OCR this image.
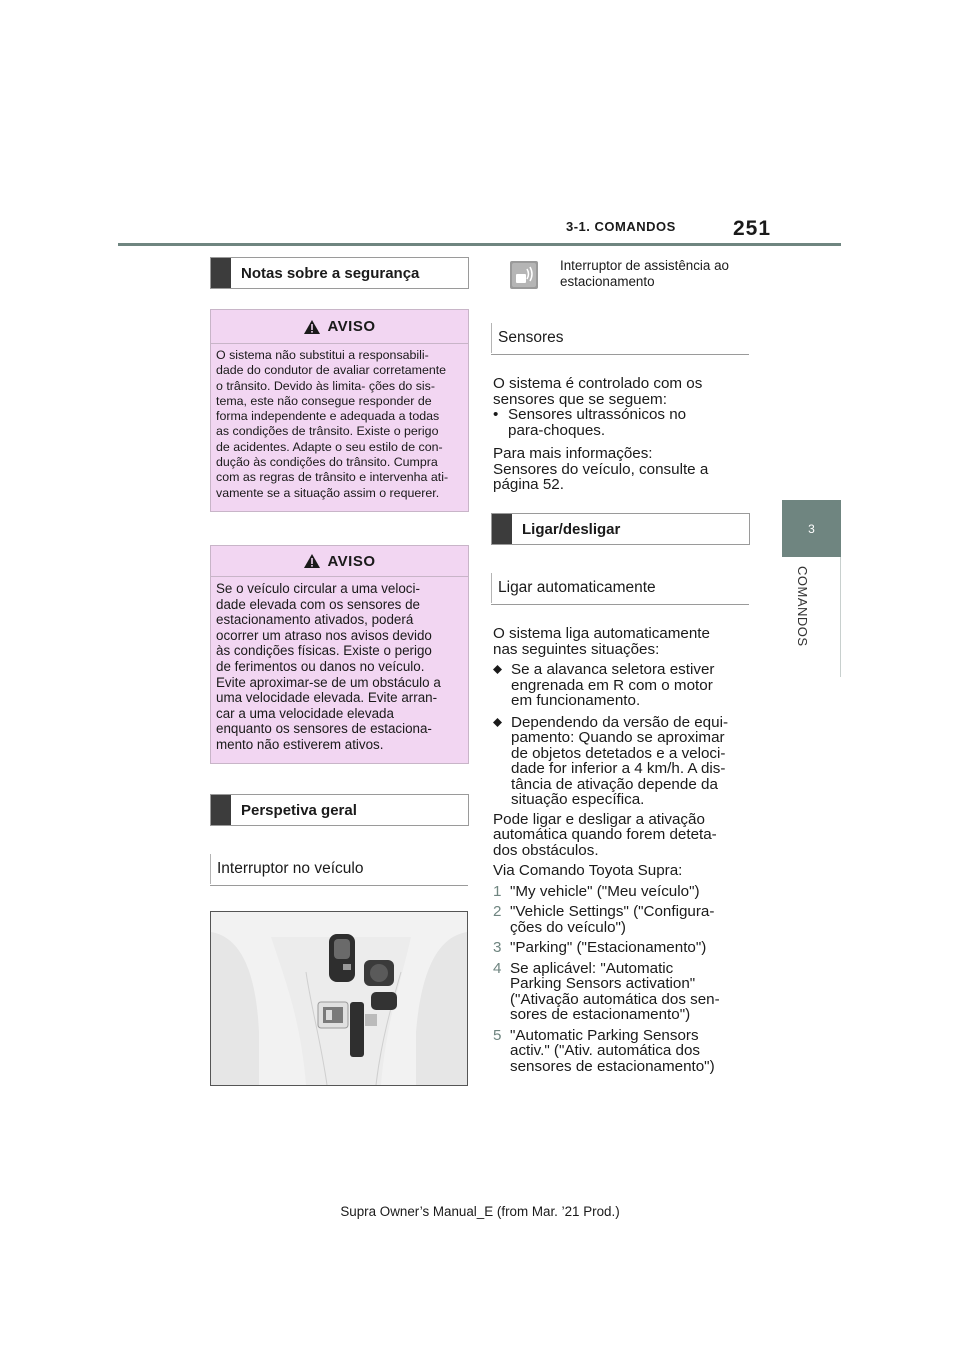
3-1. COMANDOS	251
3
COMANDOS
Notas sobre a segurança
AVISO
O sistema não substitui a responsabili-
dade do condutor de avaliar corretamente
o trânsito. Devido às limita- ções do sis-
tema, este não consegue responder de
forma independente e adequada a todas
as condições de trânsito. Existe o perigo
de acidentes. Adapte o seu estilo de con-
dução às condições do trânsito. Cumpra
com as regras de trânsito e intervenha ati-
vamente se a situação assim o requerer.
AVISO
Se o veículo circular a uma veloci-
dade elevada com os sensores de
estacionamento ativados, poderá
ocorrer um atraso nos avisos devido
às condições físicas. Existe o perigo
de ferimentos ou danos no veículo.
Evite aproximar-se de um obstáculo a
uma velocidade elevada. Evite arran-
car a uma velocidade elevada
enquanto os sensores de estaciona-
mento não estiverem ativos.
Perspetiva geral
Interruptor no veículo
Interruptor de assistência ao
estacionamento
Sensores

O sistema é controlado com os
sensores que se seguem:

• Sensores ultrassónicos no
para-choques.

Para mais informações:
Sensores do veículo, consulte a
página 52.

Ligar/desligar
Ligar automaticamente

O sistema liga automaticamente
nas seguintes situações:

Se a alavanca seletora estiver
engrenada em R com o motor
em funcionamento.
Dependendo da versão de equi-
pamento: Quando se aproximar
de objetos detetados e a veloci-
dade for inferior a 4 km/h. A dis-
tância de ativação depende da
situação específica.

Pode ligar e desligar a ativação
automática quando forem deteta-
dos obstáculos.

Via Comando Toyota Supra:

1 "My vehicle" ("Meu veículo")
2 "Vehicle Settings" ("Configura-
ções do veículo")
3 "Parking" ("Estacionamento")
4 Se aplicável: "Automatic
Parking Sensors activation"
("Ativação automática dos sen-
sores de estacionamento")
5 "Automatic Parking Sensors
activ." ("Ativ. automática dos
sensores de estacionamento")
Supra Owner’s Manual_E (from Mar. ’21 Prod.)
